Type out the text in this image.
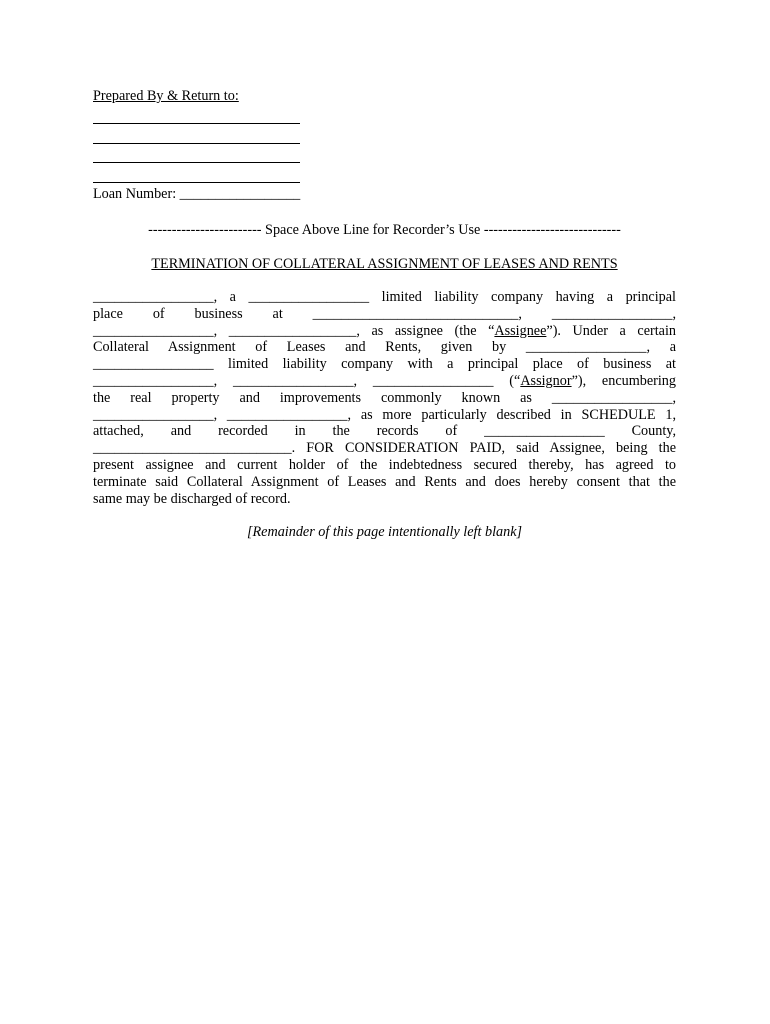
Prepared By & Return to:
Loan Number: _________________
------------------------ Space Above Line for Recorder’s Use -----------------------------
TERMINATION OF COLLATERAL ASSIGNMENT OF LEASES AND RENTS
_________________, a _________________ limited liability company having a principal
place of business at _____________________________, _________________,
_________________, __________________, as assignee (the “Assignee”). Under a certain
Collateral Assignment of Leases and Rents, given by _________________, a
_________________ limited liability company with a principal place of business at
_________________, _________________, _________________ (“Assignor”), encumbering
the real property and improvements commonly known as _________________,
_________________, _________________, as more particularly described in SCHEDULE 1,
attached, and recorded in the records of _________________ County,
____________________________. FOR CONSIDERATION PAID, said Assignee, being the
present assignee and current holder of the indebtedness secured thereby, has agreed to
terminate said Collateral Assignment of Leases and Rents and does hereby consent that the
same may be discharged of record.
[Remainder of this page intentionally left blank]
